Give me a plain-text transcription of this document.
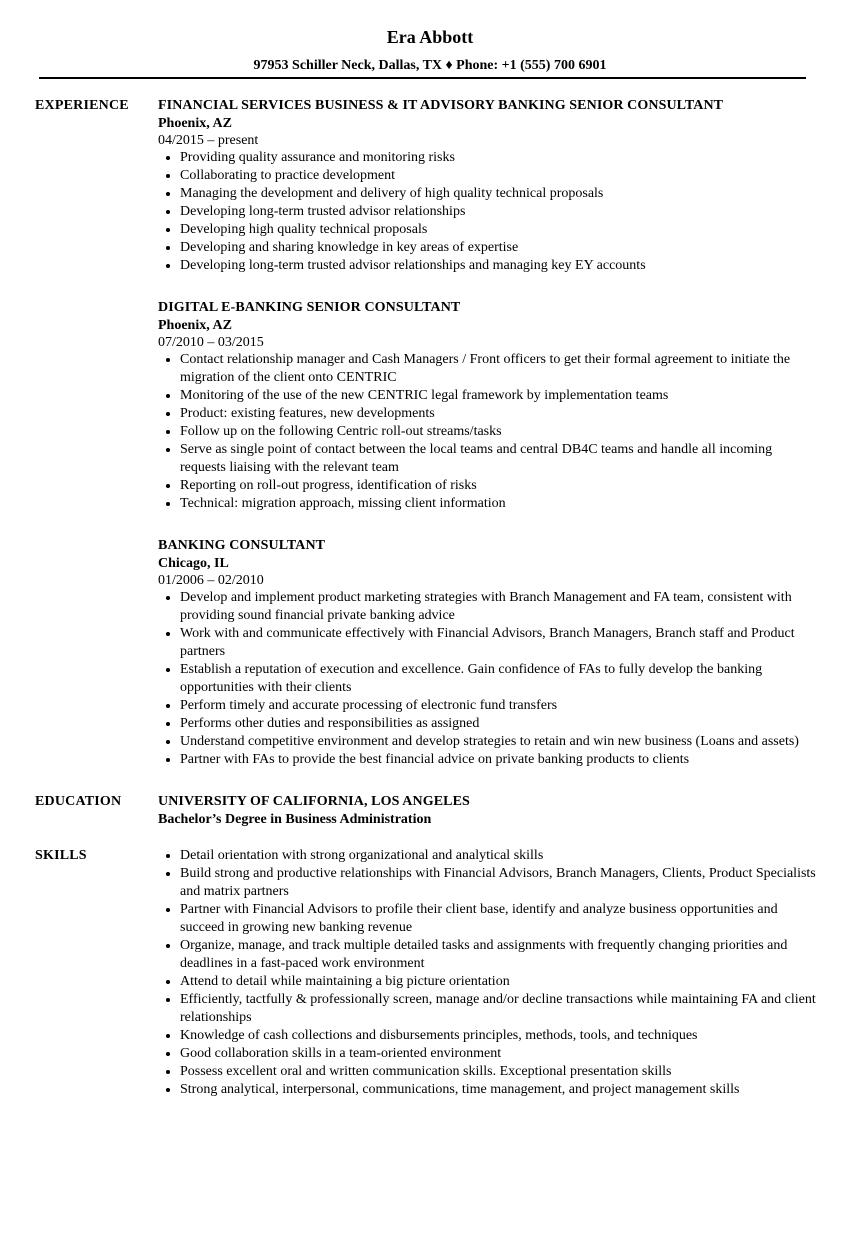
Era Abbott
97953 Schiller Neck, Dallas, TX ♦ Phone: +1 (555) 700 6901
EXPERIENCE FINANCIAL SERVICES BUSINESS & IT ADVISORY BANKING SENIOR CONSULTANT
Phoenix, AZ
04/2015 – present
• Providing quality assurance and monitoring risks
• Collaborating to practice development
• Managing the development and delivery of high quality technical proposals
• Developing long-term trusted advisor relationships
• Developing high quality technical proposals
• Developing and sharing knowledge in key areas of expertise
• Developing long-term trusted advisor relationships and managing key EY accounts
DIGITAL E-BANKING SENIOR CONSULTANT
Phoenix, AZ
07/2010 – 03/2015
• Contact relationship manager and Cash Managers / Front officers to get their formal agreement to initiate the migration of the client onto CENTRIC
• Monitoring of the use of the new CENTRIC legal framework by implementation teams
• Product: existing features, new developments
• Follow up on the following Centric roll-out streams/tasks
• Serve as single point of contact between the local teams and central DB4C teams and handle all incoming requests liaising with the relevant team
• Reporting on roll-out progress, identification of risks
• Technical: migration approach, missing client information
BANKING CONSULTANT
Chicago, IL
01/2006 – 02/2010
• Develop and implement product marketing strategies with Branch Management and FA team, consistent with providing sound financial private banking advice
• Work with and communicate effectively with Financial Advisors, Branch Managers, Branch staff and Product partners
• Establish a reputation of execution and excellence. Gain confidence of FAs to fully develop the banking opportunities with their clients
• Perform timely and accurate processing of electronic fund transfers
• Performs other duties and responsibilities as assigned
• Understand competitive environment and develop strategies to retain and win new business (Loans and assets)
• Partner with FAs to provide the best financial advice on private banking products to clients
EDUCATION	UNIVERSITY OF CALIFORNIA, LOS ANGELES
Bachelor’s Degree in Business Administration
SKILLS
•	Detail orientation with strong organizational and analytical skills
• Build strong and productive relationships with Financial Advisors, Branch Managers, Clients, Product Specialists and matrix partners
• Partner with Financial Advisors to profile their client base, identify and analyze business opportunities and succeed in growing new banking revenue
• Organize, manage, and track multiple detailed tasks and assignments with frequently changing priorities and deadlines in a fast-paced work environment
• Attend to detail while maintaining a big picture orientation
• Efficiently, tactfully & professionally screen, manage and/or decline transactions while maintaining FA and client relationships
• Knowledge of cash collections and disbursements principles, methods, tools, and techniques
• Good collaboration skills in a team-oriented environment
• Possess excellent oral and written communication skills. Exceptional presentation skills
• Strong analytical, interpersonal, communications, time management, and project management skills
